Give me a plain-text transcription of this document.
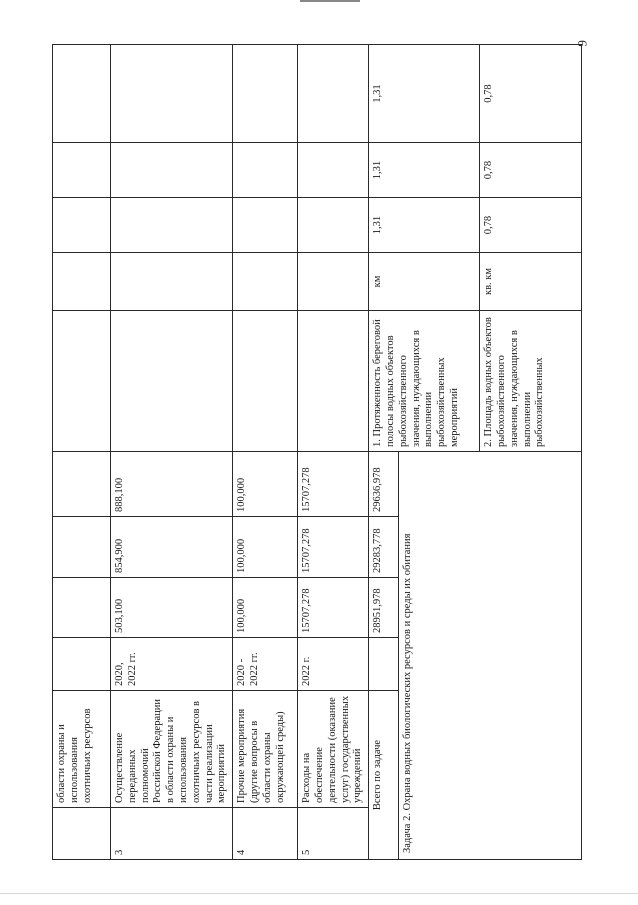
6
	области охраны и использования охотничьих ресурсов									
3	Осуществление переданных полномочий Российской Федерации в области охраны и использования охотничьих ресурсов в части реализации мероприятий	2020, 2022 гг.	503,100	854,900	888,100					
4	Прочие мероприятия (другие вопросы в области охраны окружающей среды)	2020 - 2022 гг.	100,000	100,000	100,000					
5	Расходы на обеспечение деятельности (оказание услуг) государственных учреждений	2022 г.	15707,278	15707,278	15707,278					
Всего по задаче			28951,978	29283,778	29636,978	1. Протяженность береговой полосы водных объектов рыбохозяйственного значения, нуждающихся в выполнении рыбохозяйственных мероприятий	км	1,31	1,31	1,31
Задача 2. Охрана водных биологических ресурсов и среды их обитания										
						2. Площадь водных объектов рыбохозяйственного значения, нуждающихся в выполнении рыбохозяйственных	кв. км	0,78	0,78	0,78
